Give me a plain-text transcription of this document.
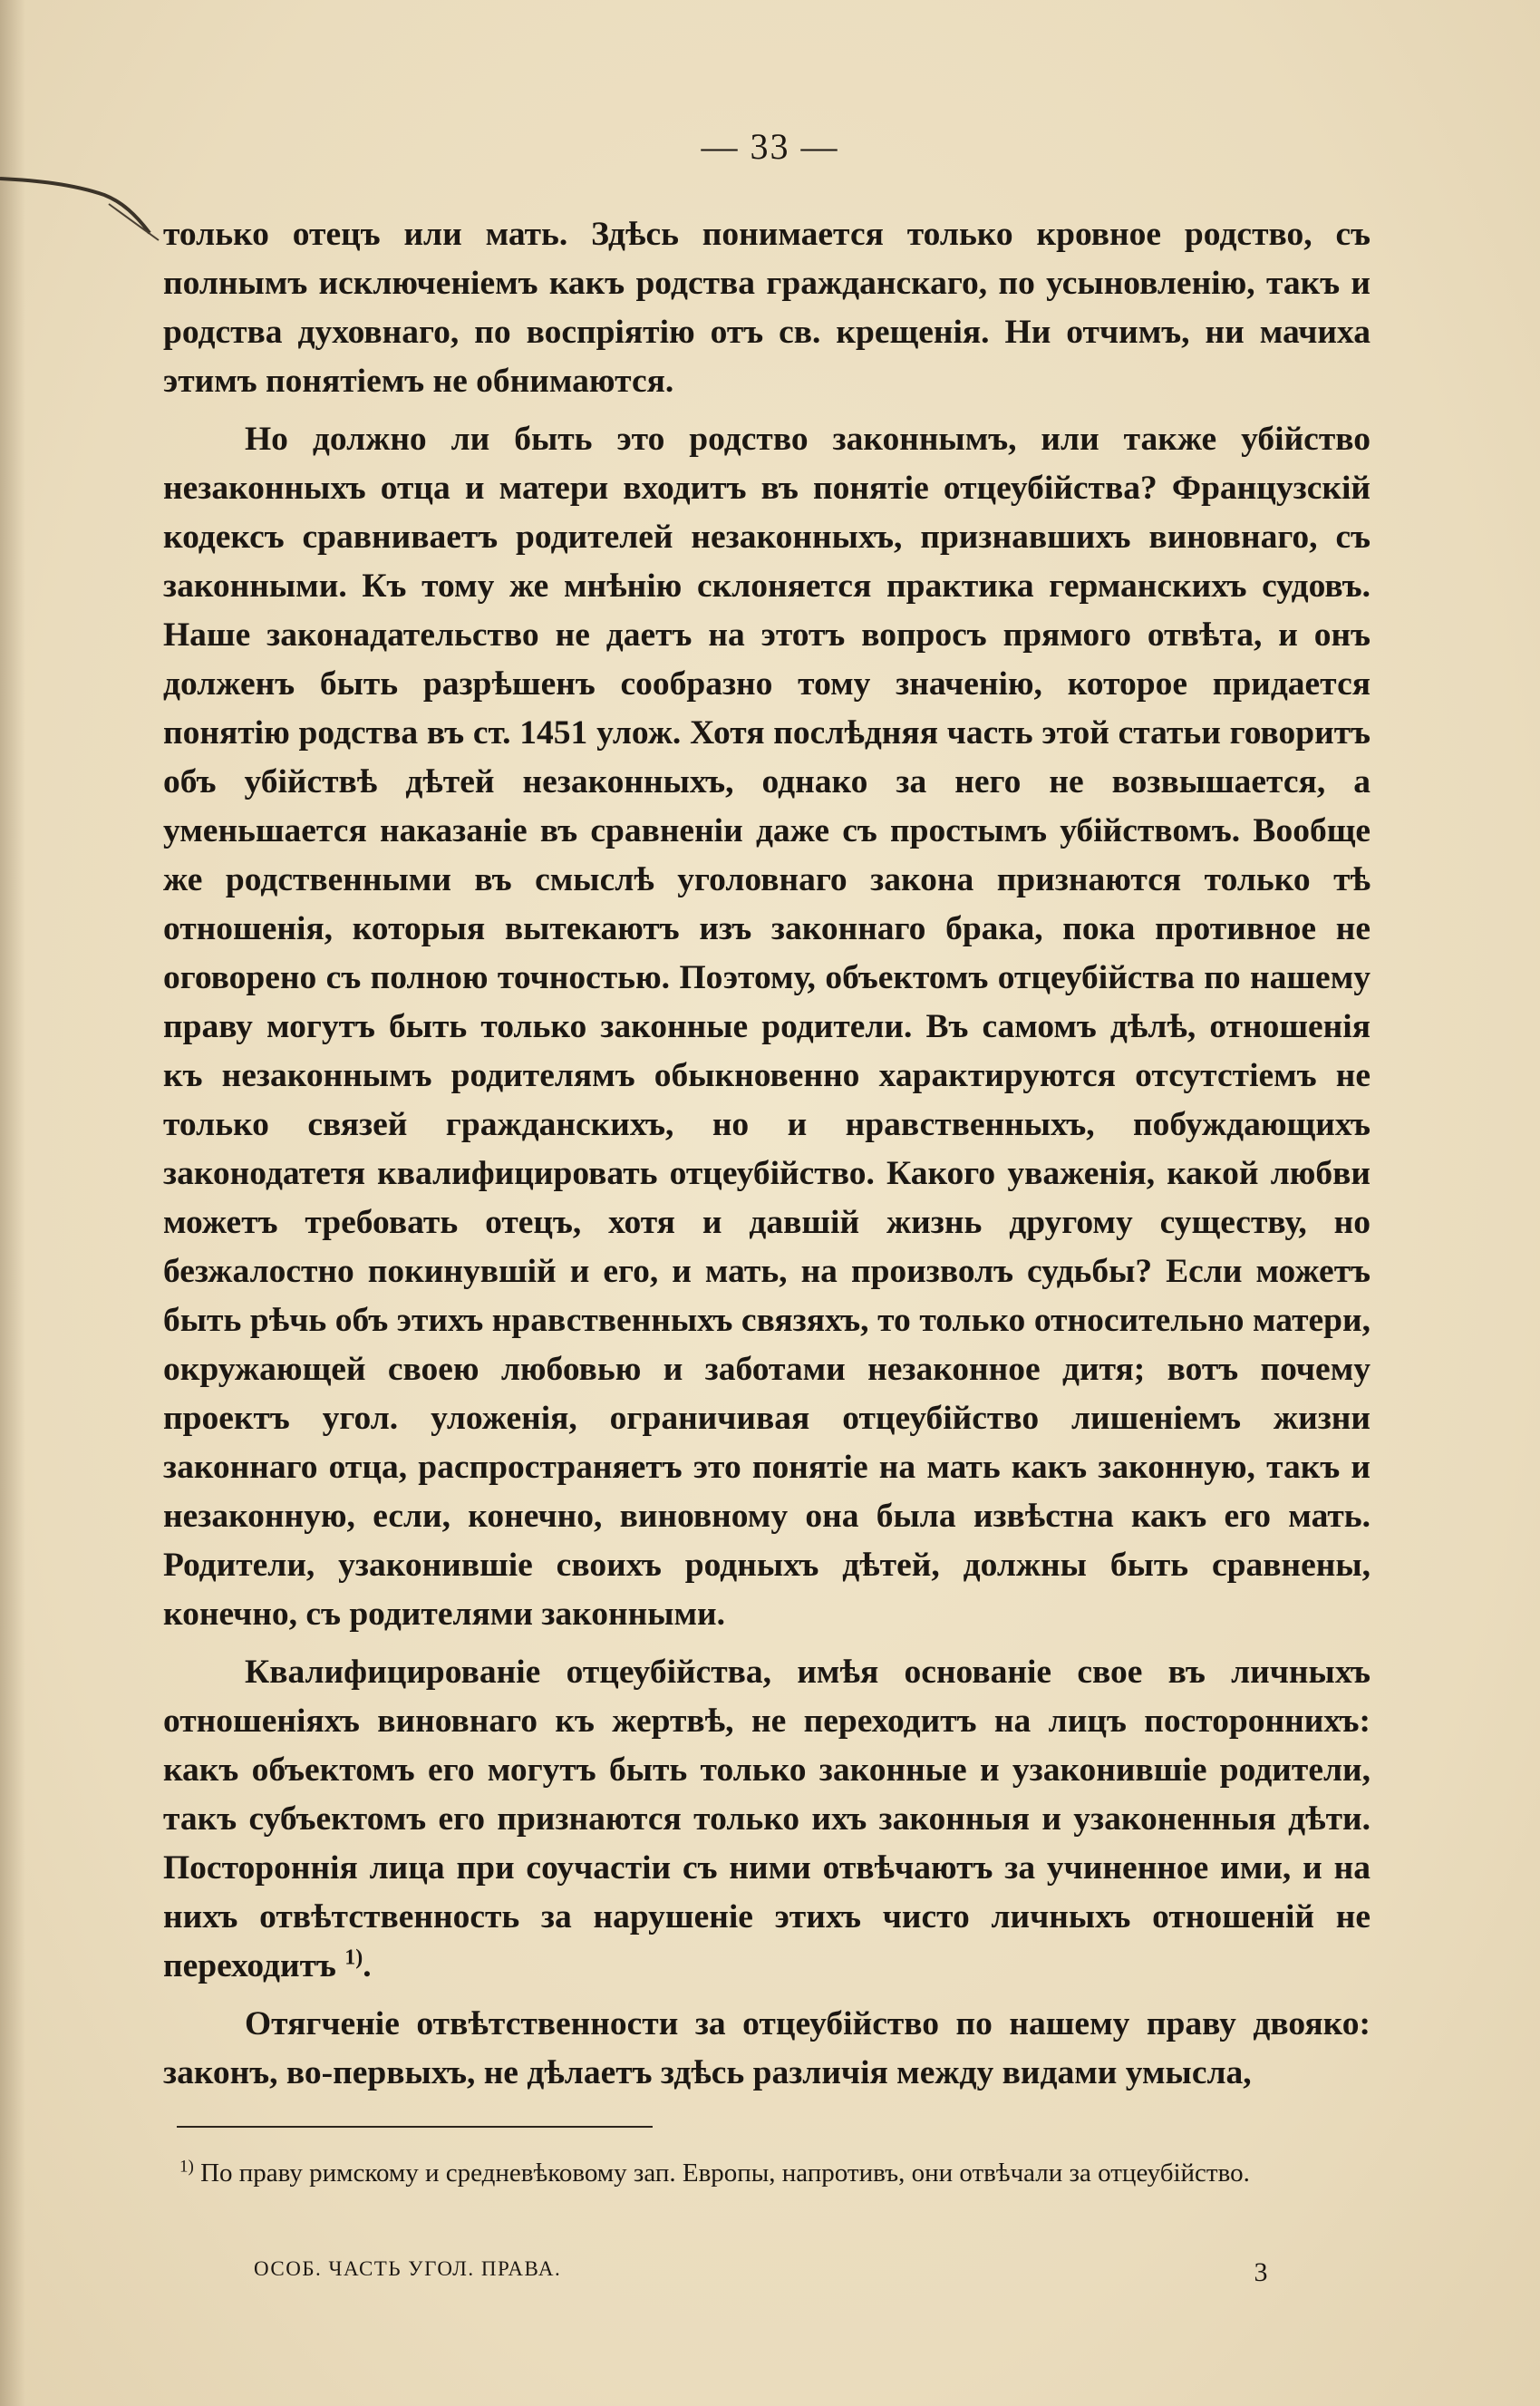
— 33 —

только отецъ или мать. Здѣсь понимается только кровное родство, съ полнымъ исключеніемъ какъ родства гражданскаго, по усыновленію, такъ и родства духовнаго, по воспріятію отъ св. крещенія. Ни отчимъ, ни мачиха этимъ понятіемъ не обнимаются.

Но должно ли быть это родство законнымъ, или также убійство незаконныхъ отца и матери входитъ въ понятіе отцеубійства? Французскій кодексъ сравниваетъ родителей незаконныхъ, признавшихъ виновнаго, съ законными. Къ тому же мнѣнію склоняется практика германскихъ судовъ. Наше законадательство не даетъ на этотъ вопросъ прямого отвѣта, и онъ долженъ быть разрѣшенъ сообразно тому значенію, которое придается понятію родства въ ст. 1451 улож. Хотя послѣдняя часть этой статьи говоритъ объ убійствѣ дѣтей незаконныхъ, однако за него не возвышается, а уменьшается наказаніе въ сравненіи даже съ простымъ убійствомъ. Вообще же родственными въ смыслѣ уголовнаго закона признаются только тѣ отношенія, которыя вытекаютъ изъ законнаго брака, пока противное не оговорено съ полною точностью. Поэтому, объектомъ отцеубійства по нашему праву могутъ быть только законные родители. Въ самомъ дѣлѣ, отношенія къ незаконнымъ родителямъ обыкновенно характируются отсутстіемъ не только связей гражданскихъ, но и нравственныхъ, побуждающихъ законодатетя квалифицировать отцеубійство. Какого уваженія, какой любви можетъ требовать отецъ, хотя и давшій жизнь другому существу, но безжалостно покинувшій и его, и мать, на произволъ судьбы? Если можетъ быть рѣчь объ этихъ нравственныхъ связяхъ, то только относительно матери, окружающей своею любовью и заботами незаконное дитя; вотъ почему проектъ угол. уложенія, ограничивая отцеубійство лишеніемъ жизни законнаго отца, распространяетъ это понятіе на мать какъ законную, такъ и незаконную, если, конечно, виновному она была извѣстна какъ его мать. Родители, узаконившіе своихъ родныхъ дѣтей, должны быть сравнены, конечно, съ родителями законными.

Квалифицированіе отцеубійства, имѣя основаніе свое въ личныхъ отношеніяхъ виновнаго къ жертвѣ, не переходитъ на лицъ постороннихъ: какъ объектомъ его могутъ быть только законные и узаконившіе родители, такъ субъектомъ его признаются только ихъ законныя и узаконенныя дѣти. Постороннія лица при соучастіи съ ними отвѣчаютъ за учиненное ими, и на нихъ отвѣтственность за нарушеніе этихъ чисто личныхъ отношеній не переходитъ $^{1)}$.

Отягченіе отвѣтственности за отцеубійство по нашему праву двояко: законъ, во-первыхъ, не дѣлаетъ здѣсь различія между видами умысла,

$^{1)}$ По праву римскому и средневѣковому зап. Европы, напротивъ, они отвѣчали за отцеубійство.
ОСОБ. ЧАСТЬ УГОЛ. ПРАВА.	3
